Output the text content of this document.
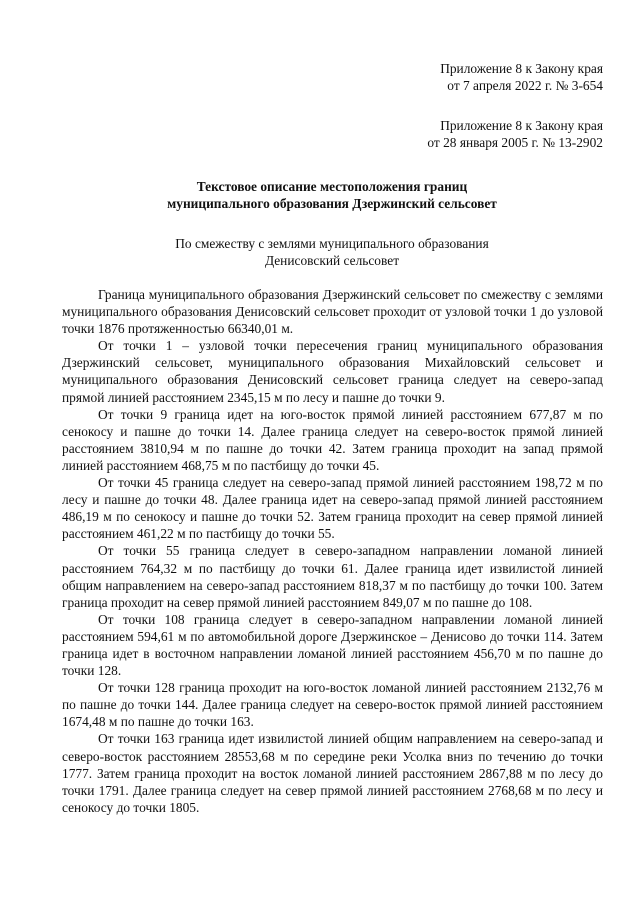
Приложение 8 к Закону края
от 7 апреля 2022 г. № 3-654
Приложение 8 к Закону края
от 28 января 2005 г. № 13-2902
Текстовое описание местоположения границ
муниципального образования Дзержинский сельсовет
По смежеству с землями муниципального образования
Денисовский сельсовет

Граница муниципального образования Дзержинский сельсовет по смежеству с землями муниципального образования Денисовский сельсовет проходит от узловой точки 1 до узловой точки 1876 протяженностью 66340,01 м.

От точки 1 – узловой точки пересечения границ муниципального образования Дзержинский сельсовет, муниципального образования Михайловский сельсовет и муниципального образования Денисовский сельсовет граница следует на северо-запад прямой линией расстоянием 2345,15 м по лесу и пашне до точки 9.

От точки 9 граница идет на юго-восток прямой линией расстоянием 677,87 м по сенокосу и пашне до точки 14. Далее граница следует на северо-восток прямой линией расстоянием 3810,94 м по пашне до точки 42. Затем граница проходит на запад прямой линией расстоянием 468,75 м по пастбищу до точки 45.

От точки 45 граница следует на северо-запад прямой линией расстоянием 198,72 м по лесу и пашне до точки 48. Далее граница идет на северо-запад прямой линией расстоянием 486,19 м по сенокосу и пашне до точки 52. Затем граница проходит на север прямой линией расстоянием 461,22 м по пастбищу до точки 55.

От точки 55 граница следует в северо-западном направлении ломаной линией расстоянием 764,32 м по пастбищу до точки 61. Далее граница идет извилистой линией общим направлением на северо-запад расстоянием 818,37 м по пастбищу до точки 100. Затем граница проходит на север прямой линией расстоянием 849,07 м по пашне до 108.

От точки 108 граница следует в северо-западном направлении ломаной линией расстоянием 594,61 м по автомобильной дороге Дзержинское – Денисово до точки 114. Затем граница идет в восточном направлении ломаной линией расстоянием 456,70 м по пашне до точки 128.

От точки 128 граница проходит на юго-восток ломаной линией расстоянием 2132,76 м по пашне до точки 144. Далее граница следует на северо-восток прямой линией расстоянием 1674,48 м по пашне до точки 163.

От точки 163 граница идет извилистой линией общим направлением на северо-запад и северо-восток расстоянием 28553,68 м по середине реки Усолка вниз по течению до точки 1777. Затем граница проходит на восток ломаной линией расстоянием 2867,88 м по лесу до точки 1791. Далее граница следует на север прямой линией расстоянием 2768,68 м по лесу и сенокосу до точки 1805.
